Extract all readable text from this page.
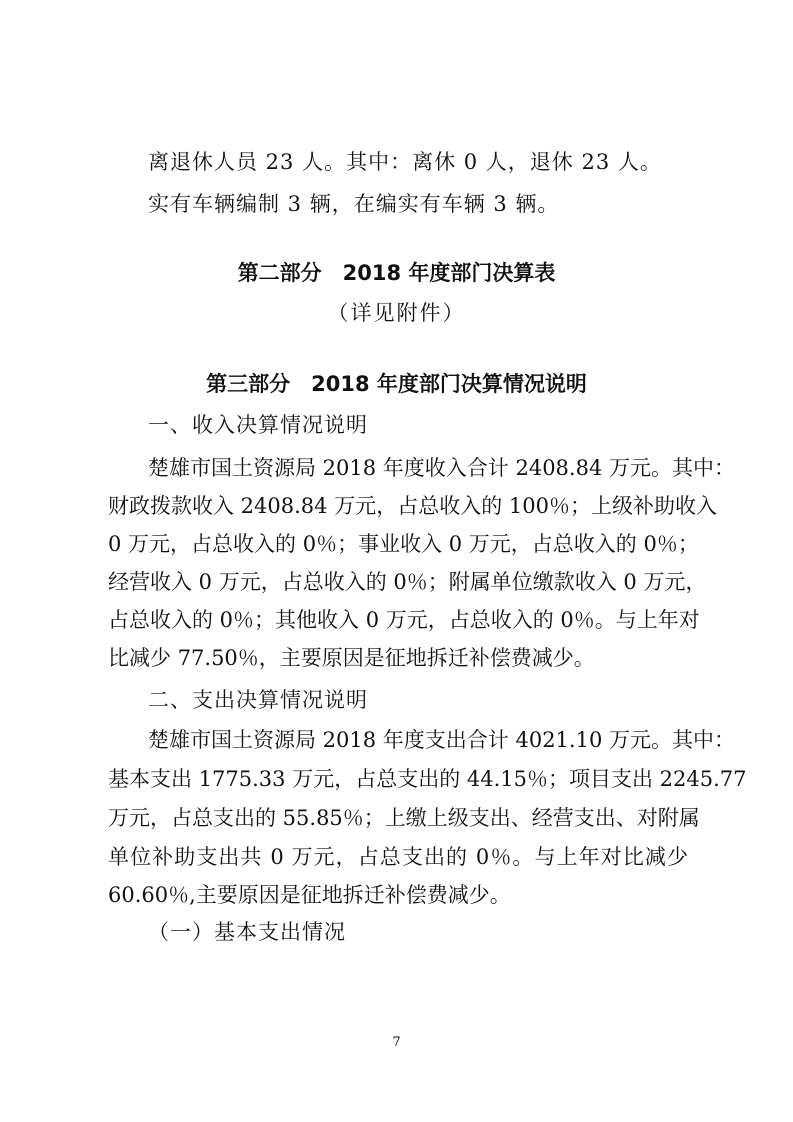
离退休人员 23 人。其中：离休 0 人，退休 23 人。
实有车辆编制 3 辆，在编实有车辆 3 辆。
第二部分　2018 年度部门决算表
（详见附件）
第三部分　2018 年度部门决算情况说明
一、收入决算情况说明
楚雄市国土资源局 2018 年度收入合计 2408.84 万元。其中：
财政拨款收入 2408.84 万元，占总收入的 100％；上级补助收入
0 万元，占总收入的 0％；事业收入 0 万元，占总收入的 0％；
经营收入 0 万元，占总收入的 0％；附属单位缴款收入 0 万元，
占总收入的 0％；其他收入 0 万元，占总收入的 0％。与上年对
比减少 77.50％，主要原因是征地拆迁补偿费减少。
二、支出决算情况说明
楚雄市国土资源局 2018 年度支出合计 4021.10 万元。其中：
基本支出 1775.33 万元，占总支出的 44.15％；项目支出 2245.77
万元，占总支出的 55.85％；上缴上级支出、经营支出、对附属
单位补助支出共 0 万元，占总支出的 0％。与上年对比减少
60.60％,主要原因是征地拆迁补偿费减少。
（一）基本支出情况
7
